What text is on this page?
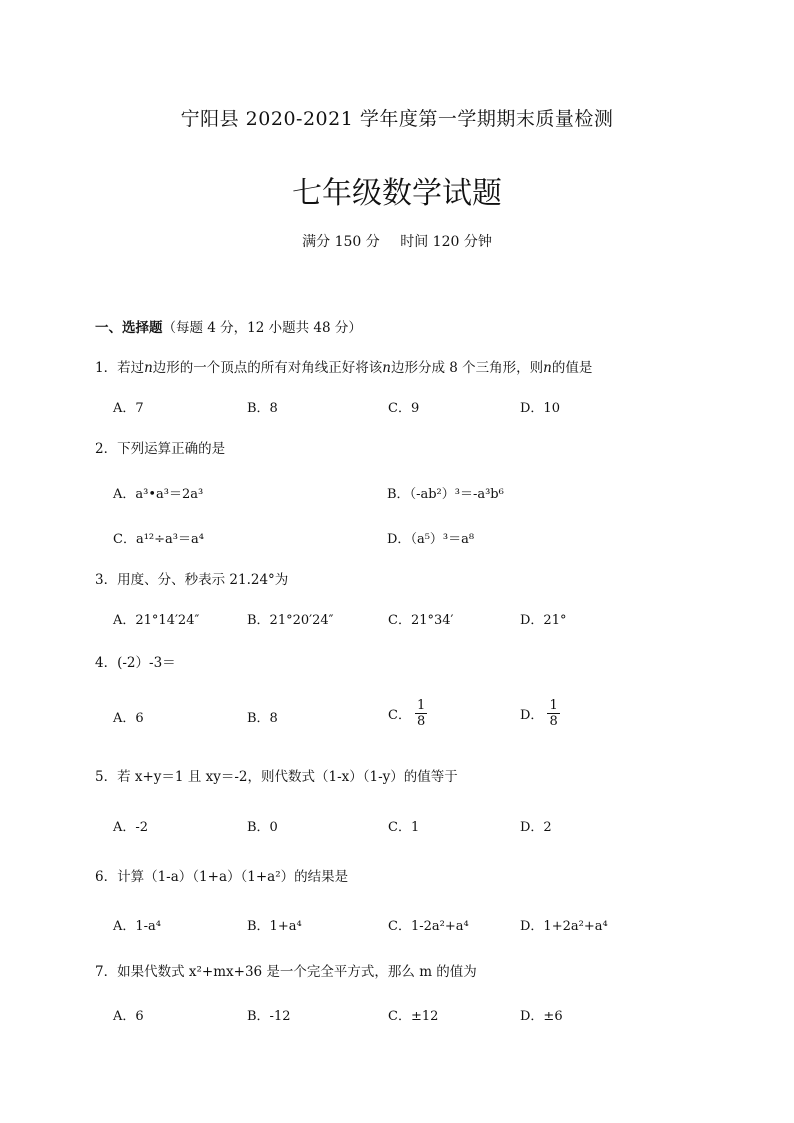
宁阳县 2020-2021 学年度第一学期期末质量检测
七年级数学试题
满分 150 分 时间 120 分钟
一、选择题（每题 4 分，12 小题共 48 分）
1．若过n边形的一个顶点的所有对角线正好将该n边形分成 8 个三角形，则n的值是
A．7	B．8	C．9	D．10
2．下列运算正确的是
A．a³•a³＝2a³	B．（-ab²）³＝-a³b⁶
C．a¹²÷a³＝a⁴	D．（a⁵）³＝a⁸
3．用度、分、秒表示 21.24°为
A．21°14′24″	B．21°20′24″	C．21°34′	D．21°
4．(-2）-3＝
A．6	B．8	C． $\frac{1}{8}$	D． $\frac{1}{8}$
5．若 x+y＝1 且 xy＝-2，则代数式（1-x）（1-y）的值等于
A．-2	B．0	C．1	D．2
6．计算（1-a）（1+a）（1+a²）的结果是
A．1-a⁴	B．1+a⁴	C．1-2a²+a⁴	D．1+2a²+a⁴
7．如果代数式 x²+mx+36 是一个完全平方式，那么 m 的值为
A．6	B．-12	C．±12	D．±6
